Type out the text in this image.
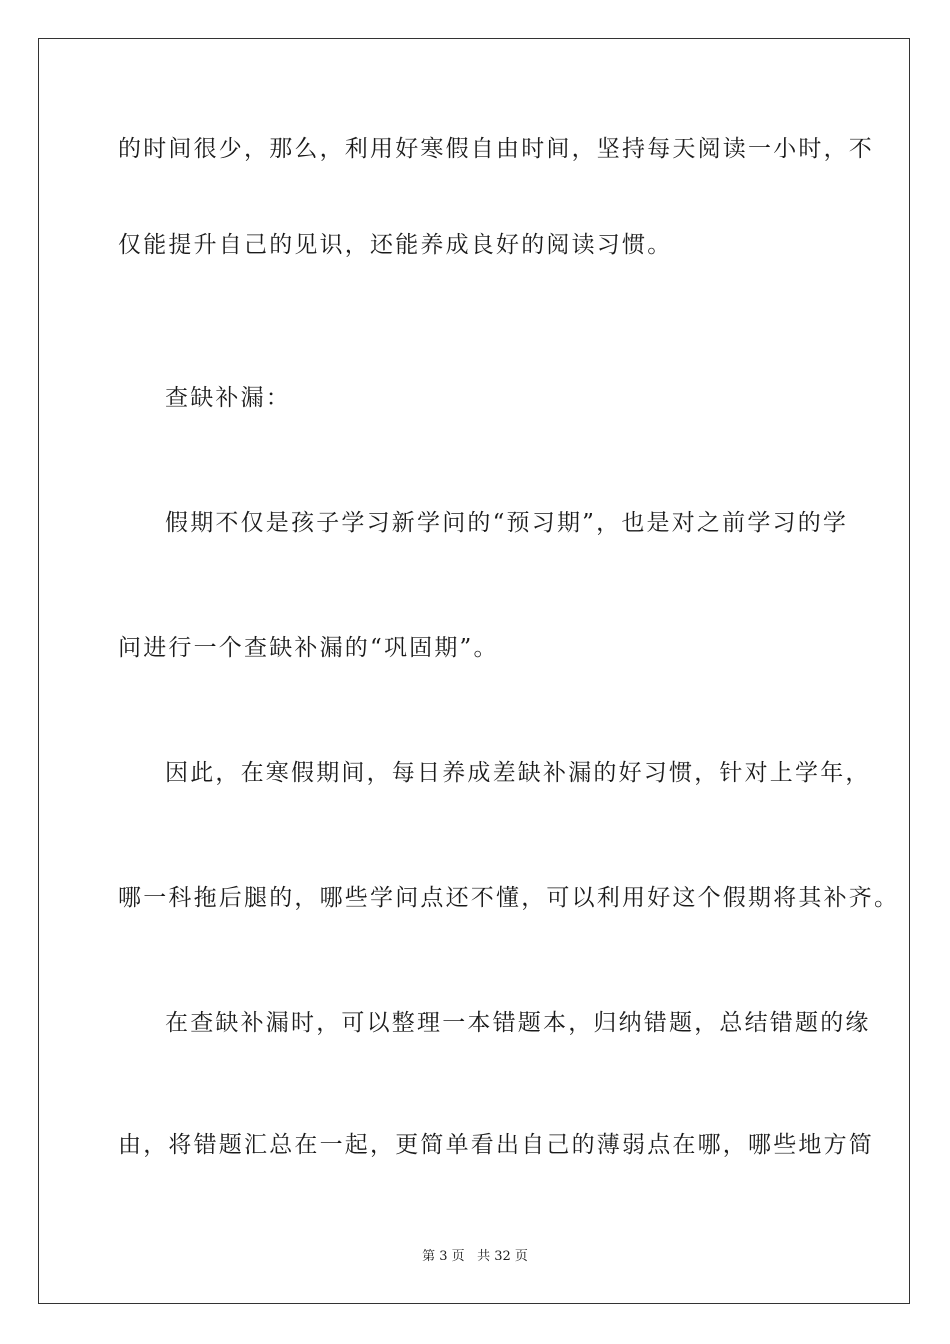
的时间很少，那么，利用好寒假自由时间，坚持每天阅读一小时，不
仅能提升自己的见识，还能养成良好的阅读习惯。
查缺补漏：
假期不仅是孩子学习新学问的“预习期”，也是对之前学习的学
问进行一个查缺补漏的“巩固期”。
因此，在寒假期间，每日养成差缺补漏的好习惯，针对上学年，
哪一科拖后腿的，哪些学问点还不懂，可以利用好这个假期将其补齐。
在查缺补漏时，可以整理一本错题本，归纳错题，总结错题的缘
由，将错题汇总在一起，更简单看出自己的薄弱点在哪，哪些地方简
第 3 页 共 32 页
